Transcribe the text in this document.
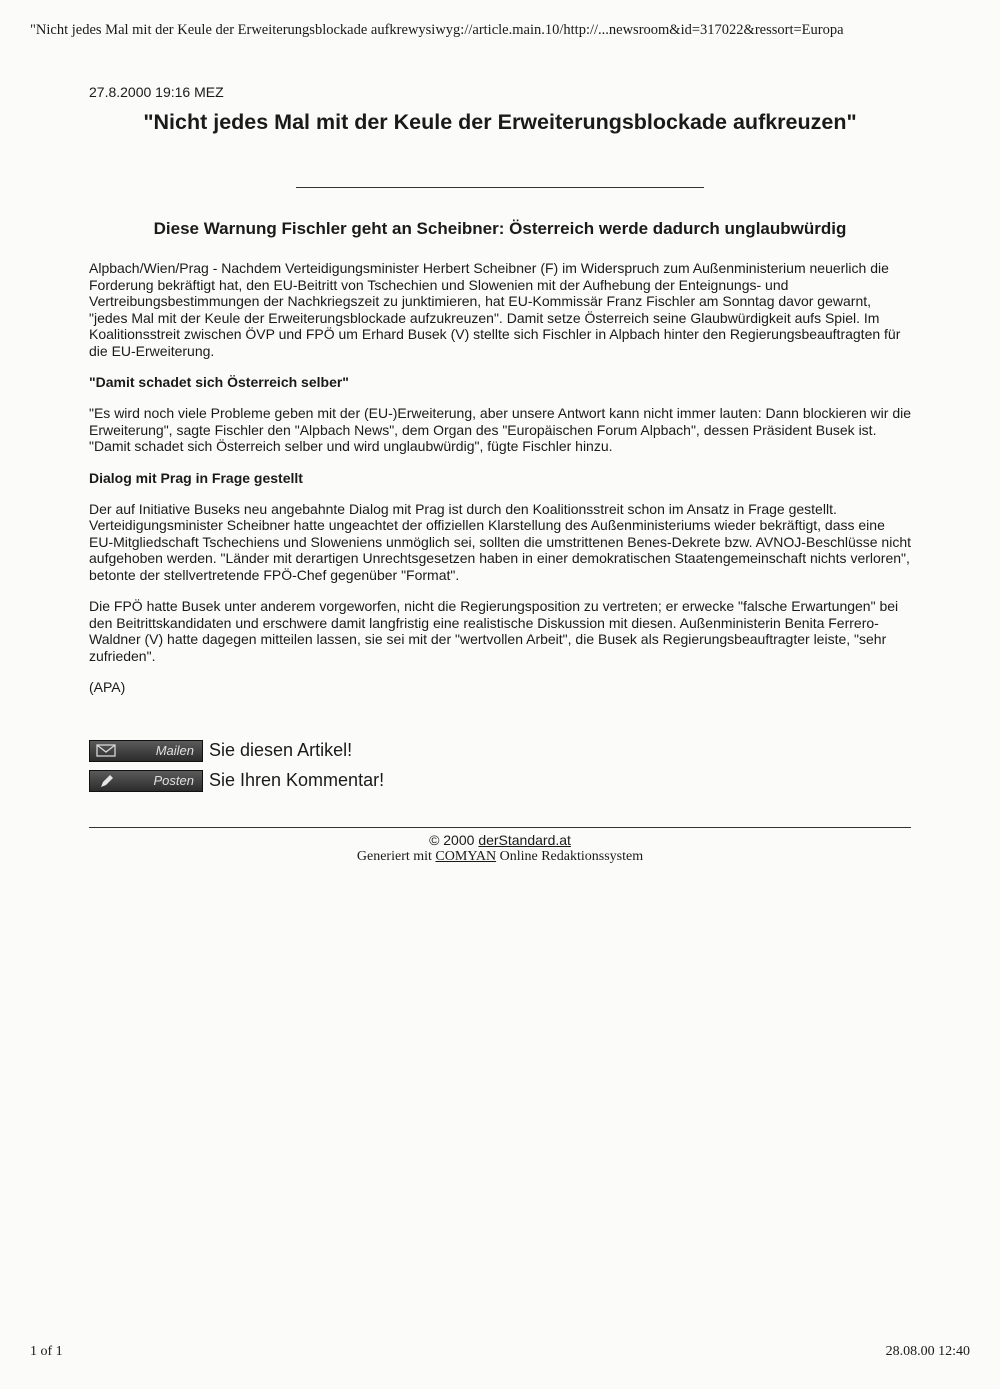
"Nicht jedes Mal mit der Keule der Erweiterungsblockade aufkrewysiwyg://article.main.10/http://...newsroom&id=317022&ressort=Europa
27.8.2000 19:16 MEZ
"Nicht jedes Mal mit der Keule der Erweiterungsblockade aufkreuzen"
Diese Warnung Fischler geht an Scheibner: Österreich werde dadurch unglaubwürdig

Alpbach/Wien/Prag - Nachdem Verteidigungsminister Herbert Scheibner (F) im Widerspruch zum Außenministerium neuerlich die Forderung bekräftigt hat, den EU-Beitritt von Tschechien und Slowenien mit der Aufhebung der Enteignungs- und Vertreibungsbestimmungen der Nachkriegszeit zu junktimieren, hat EU-Kommissär Franz Fischler am Sonntag davor gewarnt, "jedes Mal mit der Keule der Erweiterungsblockade aufzukreuzen". Damit setze Österreich seine Glaubwürdigkeit aufs Spiel. Im Koalitionsstreit zwischen ÖVP und FPÖ um Erhard Busek (V) stellte sich Fischler in Alpbach hinter den Regierungsbeauftragten für die EU-Erweiterung.

"Damit schadet sich Österreich selber"

"Es wird noch viele Probleme geben mit der (EU-)Erweiterung, aber unsere Antwort kann nicht immer lauten: Dann blockieren wir die Erweiterung", sagte Fischler den "Alpbach News", dem Organ des "Europäischen Forum Alpbach", dessen Präsident Busek ist. "Damit schadet sich Österreich selber und wird unglaubwürdig", fügte Fischler hinzu.

Dialog mit Prag in Frage gestellt

Der auf Initiative Buseks neu angebahnte Dialog mit Prag ist durch den Koalitionsstreit schon im Ansatz in Frage gestellt. Verteidigungsminister Scheibner hatte ungeachtet der offiziellen Klarstellung des Außenministeriums wieder bekräftigt, dass eine EU-Mitgliedschaft Tschechiens und Sloweniens unmöglich sei, sollten die umstrittenen Benes-Dekrete bzw. AVNOJ-Beschlüsse nicht aufgehoben werden. "Länder mit derartigen Unrechtsgesetzen haben in einer demokratischen Staatengemeinschaft nichts verloren", betonte der stellvertretende FPÖ-Chef gegenüber "Format".

Die FPÖ hatte Busek unter anderem vorgeworfen, nicht die Regierungsposition zu vertreten; er erwecke "falsche Erwartungen" bei den Beitrittskandidaten und erschwere damit langfristig eine realistische Diskussion mit diesen. Außenministerin Benita Ferrero-Waldner (V) hatte dagegen mitteilen lassen, sie sei mit der "wertvollen Arbeit", die Busek als Regierungsbeauftragter leiste, "sehr zufrieden".

(APA)

Mailen Sie diesen Artikel!
Posten Sie Ihren Kommentar!
© 2000 derStandard.at
Generiert mit COMYAN Online Redaktionssystem
1 of 1	28.08.00 12:40
